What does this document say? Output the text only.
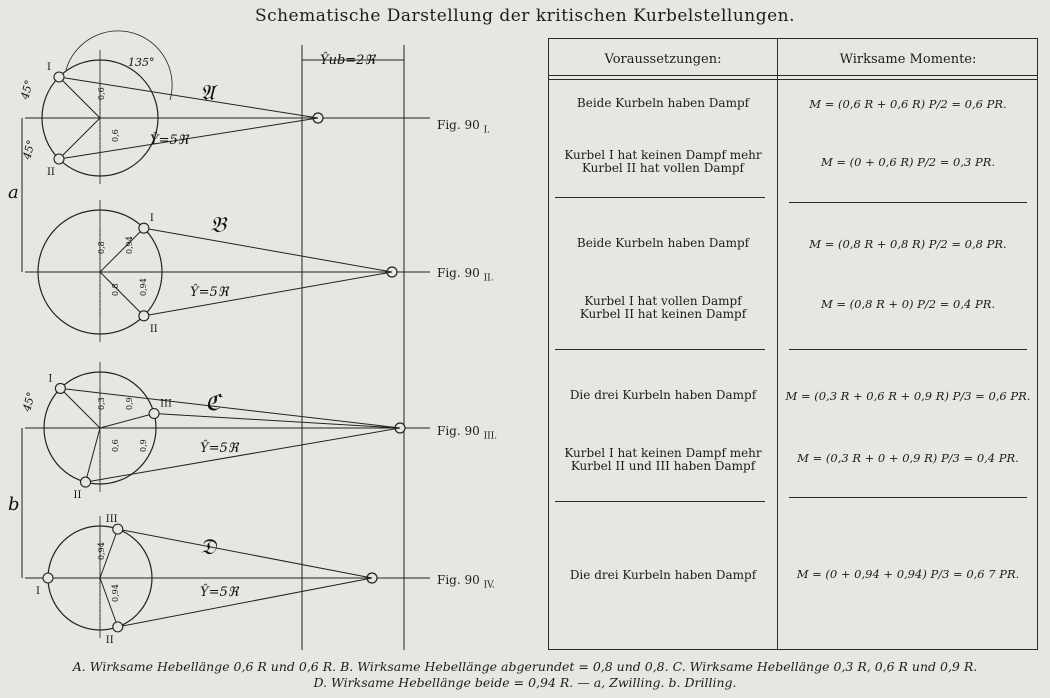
Schematische Darstellung der kritischen Kurbelstellungen.
Ŷub=2ℜ
I
II
𝔄
Ŷ=5ℜ
0,6
0,6
I
II
𝔅
Ŷ=5ℜ
0,8
0,8
0,94
0,94
I
II
III ℭ
Ŷ=5ℜ
0,3
0,6
0,9
0,9
III
II
I
𝔇
Ŷ=5ℜ
0,94
0,94
135°
45°
45°
45°
a
b
Fig. 90 $_{I.}$
Fig. 90 $_{II.}$
Fig. 90 $_{III.}$
Fig. 90 $_{IV.}$
Voraussetzungen:	Wirksame Momente:
Beide Kurbeln haben Dampf	M = (0,6 R + 0,6 R) P/2 = 0,6 PR.
Kurbel I hat keinen Dampf mehr
Kurbel II hat vollen Dampf	M = (0 + 0,6 R) P/2 = 0,3 PR.
Beide Kurbeln haben Dampf	M = (0,8 R + 0,8 R) P/2 = 0,8 PR.
Kurbel I hat vollen Dampf
Kurbel II hat keinen Dampf
M = (0,8 R + 0) P/2 = 0,4 PR.
Die drei Kurbeln haben Dampf	M = (0,3 R + 0,6 R + 0,9 R) P/3 = 0,6 PR.
Kurbel I hat keinen Dampf mehr
Kurbel II und III haben Dampf
M = (0,3 R + 0 + 0,9 R) P/3 = 0,4 PR.
Die drei Kurbeln haben Dampf	M = (0 + 0,94 + 0,94) P/3 = 0,6 7 PR.
A. Wirksame Hebellänge 0,6 R und 0,6 R. B. Wirksame Hebellänge abgerundet = 0,8 und 0,8. C. Wirksame Hebellänge 0,3 R, 0,6 R und 0,9 R.
D. Wirksame Hebellänge beide = 0,94 R. — a, Zwilling. b. Drilling.
